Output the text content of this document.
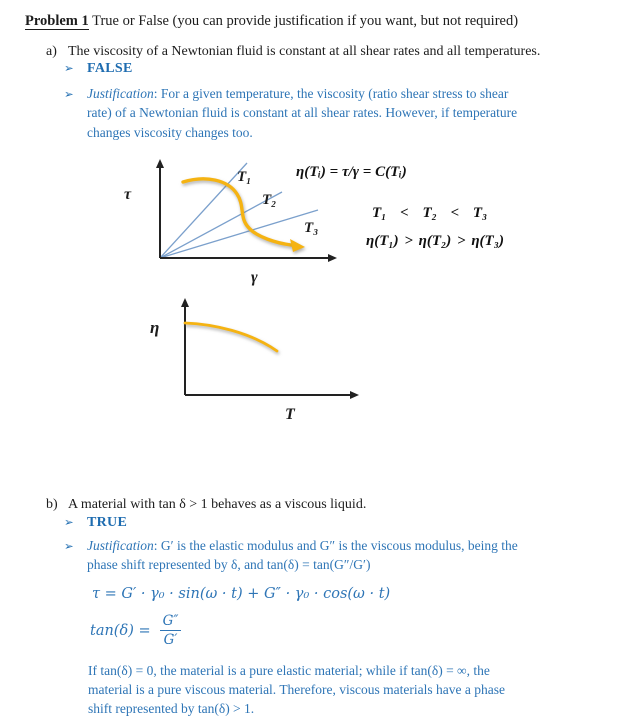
Problem 1 True or False (you can provide justification if you want, but not required)
a) The viscosity of a Newtonian fluid is constant at all shear rates and all temperatures.
➢ FALSE
➢ Justification: For a given temperature, the viscosity (ratio shear stress to shear
rate) of a Newtonian fluid is constant at all shear rates. However, if temperature
changes viscosity changes too.
τ
γ
T₁
T₂
T₃
η(Tᵢ) = τ/γ = C(Tᵢ)
T₁ < T₂ < T₃
η(T₁) > η(T₂) > η(T₃)
η
T
b) A material with tan δ > 1 behaves as a viscous liquid.
➢ TRUE
➢ Justification: G′ is the elastic modulus and G″ is the viscous modulus, being the
phase shift represented by δ, and tan(δ) = tan(G″/G′)
τ = G′ · γ₀ · sin(ω · t) + G″ · γ₀ · cos(ω · t)
$\tan(\delta) = \frac{G''}{G'}$
If tan(δ) = 0, the material is a pure elastic material; while if tan(δ) = ∞, the
material is a pure viscous material. Therefore, viscous materials have a phase
shift represented by tan(δ) > 1.
